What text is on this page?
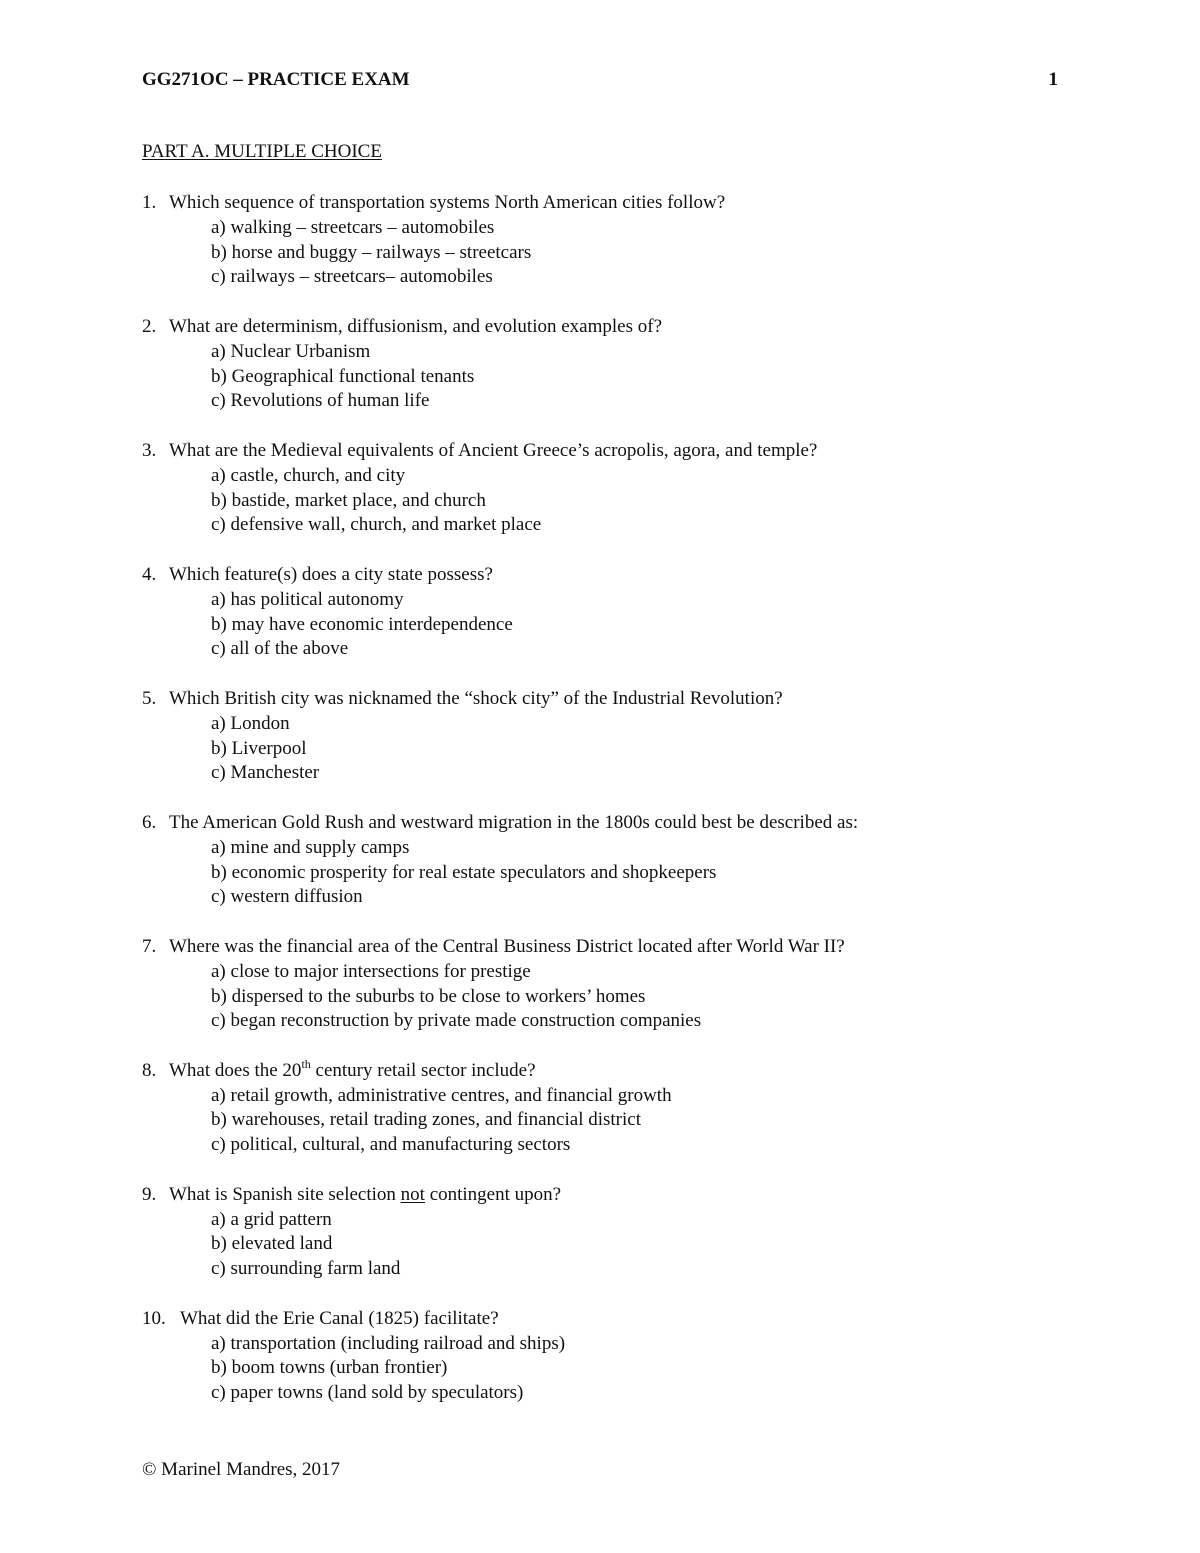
GG271OC – PRACTICE EXAM	1
PART A. MULTIPLE CHOICE
1. Which sequence of transportation systems North American cities follow?
a) walking – streetcars – automobiles
b) horse and buggy – railways – streetcars
c) railways – streetcars– automobiles
2. What are determinism, diffusionism, and evolution examples of?
a) Nuclear Urbanism
b) Geographical functional tenants
c) Revolutions of human life
3. What are the Medieval equivalents of Ancient Greece’s acropolis, agora, and temple?
a) castle, church, and city
b) bastide, market place, and church
c) defensive wall, church, and market place
4. Which feature(s) does a city state possess?
a) has political autonomy
b) may have economic interdependence
c) all of the above
5. Which British city was nicknamed the “shock city” of the Industrial Revolution?
a) London
b) Liverpool
c) Manchester
6. The American Gold Rush and westward migration in the 1800s could best be described as:
a) mine and supply camps
b) economic prosperity for real estate speculators and shopkeepers
c) western diffusion
7. Where was the financial area of the Central Business District located after World War II?
a) close to major intersections for prestige
b) dispersed to the suburbs to be close to workers’ homes
c) began reconstruction by private made construction companies
8. What does the 20th century retail sector include?
a) retail growth, administrative centres, and financial growth
b) warehouses, retail trading zones, and financial district
c) political, cultural, and manufacturing sectors
9. What is Spanish site selection not contingent upon?
a) a grid pattern
b) elevated land
c) surrounding farm land
10. What did the Erie Canal (1825) facilitate?
a) transportation (including railroad and ships)
b) boom towns (urban frontier)
c) paper towns (land sold by speculators)
© Marinel Mandres, 2017
